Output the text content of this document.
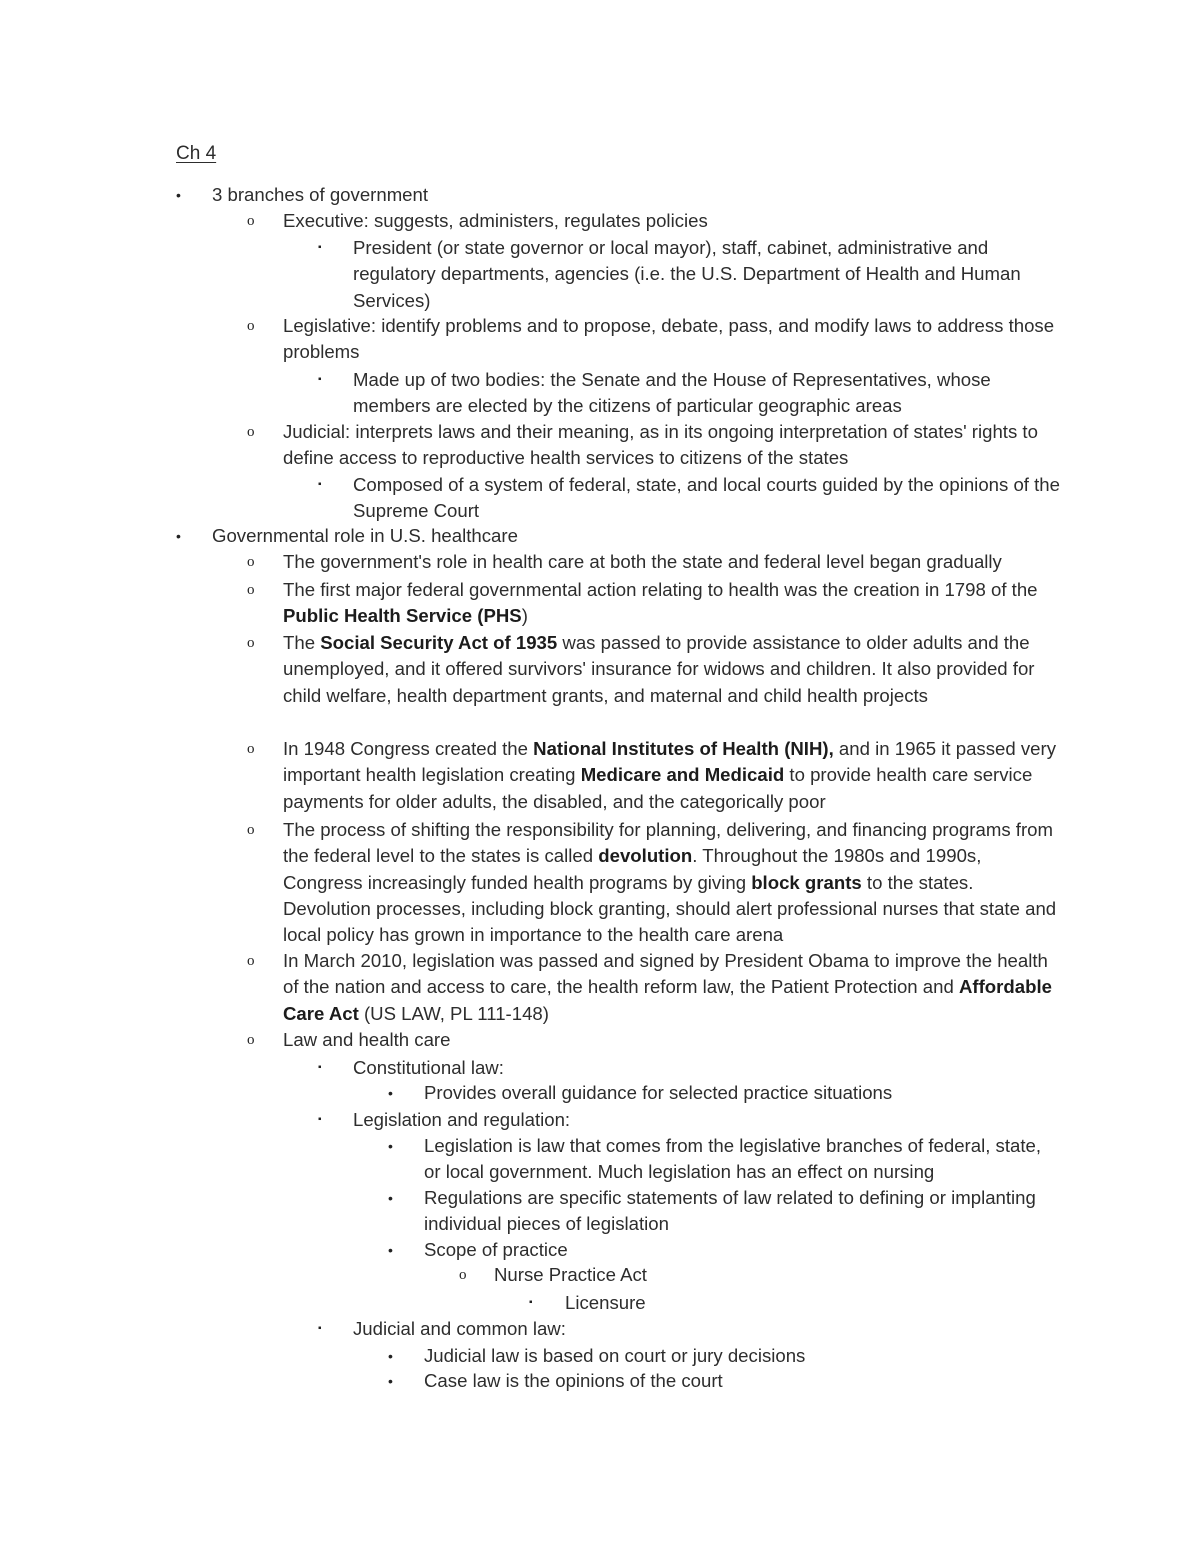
Ch 4
• 3 branches of government
o Executive: suggests, administers, regulates policies
▪ President (or state governor or local mayor), staff, cabinet, administrative and regulatory departments, agencies (i.e. the U.S. Department of Health and Human Services)
o Legislative: identify problems and to propose, debate, pass, and modify laws to address those problems
▪ Made up of two bodies: the Senate and the House of Representatives, whose members are elected by the citizens of particular geographic areas
o Judicial: interprets laws and their meaning, as in its ongoing interpretation of states' rights to define access to reproductive health services to citizens of the states
▪ Composed of a system of federal, state, and local courts guided by the opinions of the Supreme Court
• Governmental role in U.S. healthcare
o The government's role in health care at both the state and federal level began gradually
o The first major federal governmental action relating to health was the creation in 1798 of the Public Health Service (PHS)
o The Social Security Act of 1935 was passed to provide assistance to older adults and the unemployed, and it offered survivors' insurance for widows and children. It also provided for child welfare, health department grants, and maternal and child health projects
o In 1948 Congress created the National Institutes of Health (NIH), and in 1965 it passed very important health legislation creating Medicare and Medicaid to provide health care service payments for older adults, the disabled, and the categorically poor
o The process of shifting the responsibility for planning, delivering, and financing programs from the federal level to the states is called devolution. Throughout the 1980s and 1990s, Congress increasingly funded health programs by giving block grants to the states. Devolution processes, including block granting, should alert professional nurses that state and local policy has grown in importance to the health care arena
o In March 2010, legislation was passed and signed by President Obama to improve the health of the nation and access to care, the health reform law, the Patient Protection and Affordable Care Act (US LAW, PL 111-148)
o Law and health care
▪ Constitutional law:
• Provides overall guidance for selected practice situations
▪ Legislation and regulation:
• Legislation is law that comes from the legislative branches of federal, state, or local government. Much legislation has an effect on nursing
• Regulations are specific statements of law related to defining or implanting individual pieces of legislation
• Scope of practice
o Nurse Practice Act
▪ Licensure
▪ Judicial and common law:
• Judicial law is based on court or jury decisions
• Case law is the opinions of the court
